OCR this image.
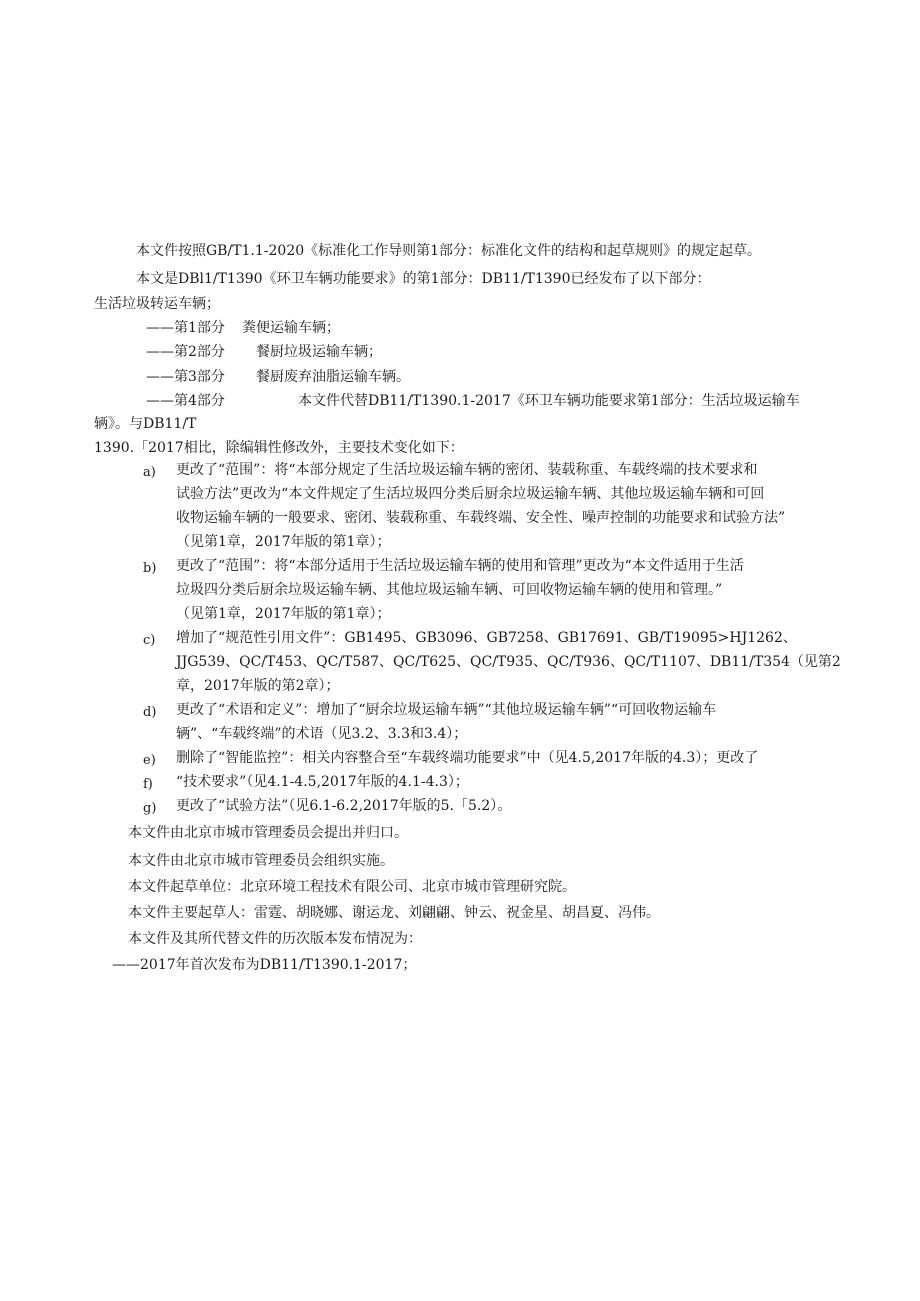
本文件按照GB/T1.1-2020《标准化工作导则第1部分：标准化文件的结构和起草规则》的规定起草。

本文是DBl1/T1390《环卫车辆功能要求》的第1部分：DB11/T1390已经发布了以下部分：

生活垃圾转运车辆；

——第1部分 粪便运输车辆；
——第2部分 餐厨垃圾运输车辆；
——第3部分 餐厨废弃油脂运输车辆。
——第4部分	本文件代替DB11/T1390.1-2017《环卫车辆功能要求第1部分：生活垃圾运输车

辆》。与DB11/T

1390.「2017相比，除编辑性修改外，主要技术变化如下：

a) 更改了“范围”：将“本部分规定了生活垃圾运输车辆的密闭、装载称重、车载终端的技术要求和

试验方法”更改为“本文件规定了生活垃圾四分类后厨余垃圾运输车辆、其他垃圾运输车辆和可回

收物运输车辆的一般要求、密闭、装载称重、车载终端、安全性、噪声控制的功能要求和试验方法”

（见第1章，2017年版的第1章）；

b) 更改了“范围”：将“本部分适用于生活垃圾运输车辆的使用和管理”更改为“本文件适用于生活

垃圾四分类后厨余垃圾运输车辆、其他垃圾运输车辆、可回收物运输车辆的使用和管理。”

（见第1章，2017年版的第1章）；

c) 增加了“规范性引用文件”：GB1495、GB3096、GB7258、GB17691、GB/T19095>HJ1262、

JJG539、QC/T453、QC/T587、QC/T625、QC/T935、QC/T936、QC/T1107、DB11/T354（见第2

章，2017年版的第2章）；

d) 更改了“术语和定义”：增加了“厨余垃圾运输车辆”“其他垃圾运输车辆”“可回收物运输车

辆”、“车载终端”的术语（见3.2、3.3和3.4）；

e) 删除了“智能监控”：相关内容整合至“车载终端功能要求”中（见4.5,2017年版的4.3）；更改了

f) “技术要求”（见4.1-4.5,2017年版的4.1-4.3）；

g) 更改了“试验方法”（见6.1-6.2,2017年版的5.「5.2）。

本文件由北京市城市管理委员会提出并归口。

本文件由北京市城市管理委员会组织实施。

本文件起草单位：北京环境工程技术有限公司、北京市城市管理研究院。

本文件主要起草人：雷霆、胡晓娜、谢运龙、刘翩翩、钟云、祝金星、胡昌夏、冯伟。

本文件及其所代替文件的历次版本发布情况为：

——2017年首次发布为DB11/T1390.1-2017；
